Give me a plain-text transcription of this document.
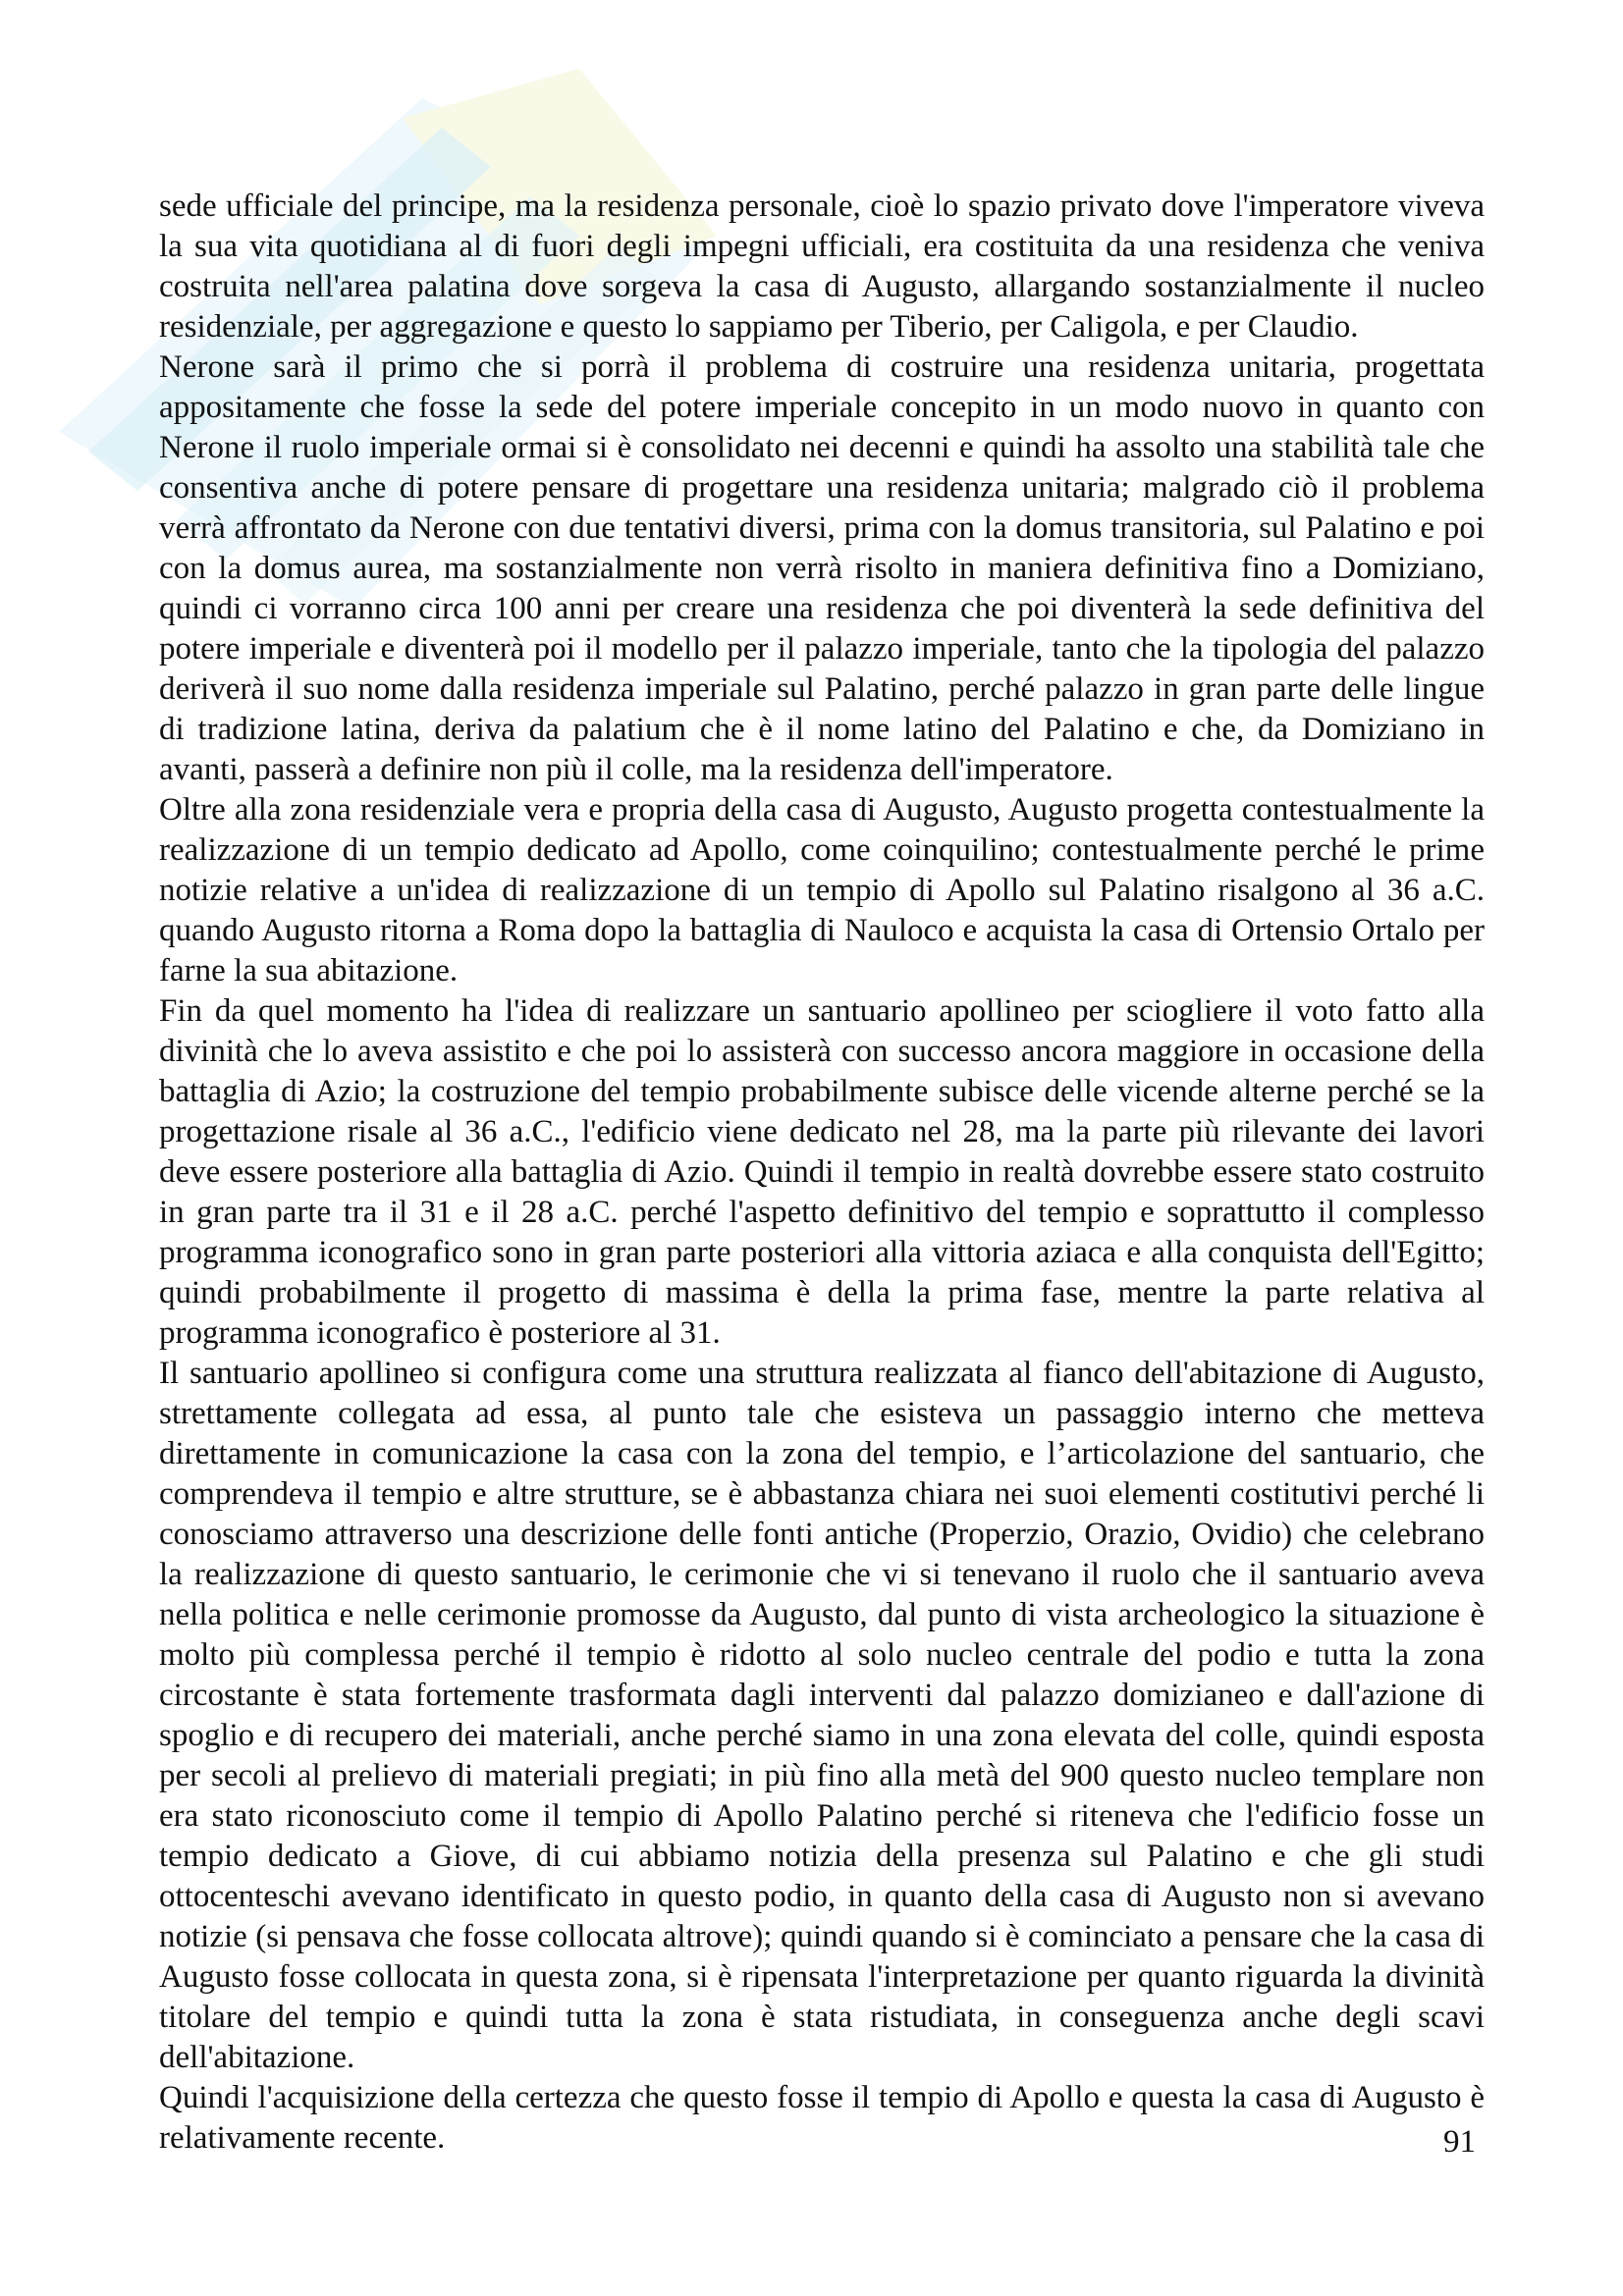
sede ufficiale del principe, ma la residenza personale, cioè lo spazio privato dove l'imperatore viveva la sua vita quotidiana al di fuori degli impegni ufficiali, era costituita da una residenza che veniva costruita nell'area palatina dove sorgeva la casa di Augusto, allargando sostanzialmente il nucleo residenziale, per aggregazione e questo lo sappiamo per Tiberio, per Caligola, e per Claudio.

Nerone sarà il primo che si porrà il problema di costruire una residenza unitaria, progettata appositamente che fosse la sede del potere imperiale concepito in un modo nuovo in quanto con Nerone il ruolo imperiale ormai si è consolidato nei decenni e quindi ha assolto una stabilità tale che consentiva anche di potere pensare di progettare una residenza unitaria; malgrado ciò il problema verrà affrontato da Nerone con due tentativi diversi, prima con la domus transitoria, sul Palatino e poi con la domus aurea, ma sostanzialmente non verrà risolto in maniera definitiva fino a Domiziano, quindi ci vorranno circa 100 anni per creare una residenza che poi diventerà la sede definitiva del potere imperiale e diventerà poi il modello per il palazzo imperiale, tanto che la tipologia del palazzo deriverà il suo nome dalla residenza imperiale sul Palatino, perché palazzo in gran parte delle lingue di tradizione latina, deriva da palatium che è il nome latino del Palatino e che, da Domiziano in avanti, passerà a definire non più il colle, ma la residenza dell'imperatore.

Oltre alla zona residenziale vera e propria della casa di Augusto, Augusto progetta contestualmente la realizzazione di un tempio dedicato ad Apollo, come coinquilino; contestualmente perché le prime notizie relative a un'idea di realizzazione di un tempio di Apollo sul Palatino risalgono al 36 a.C. quando Augusto ritorna a Roma dopo la battaglia di Nauloco e acquista la casa di Ortensio Ortalo per farne la sua abitazione.

Fin da quel momento ha l'idea di realizzare un santuario apollineo per sciogliere il voto fatto alla divinità che lo aveva assistito e che poi lo assisterà con successo ancora maggiore in occasione della battaglia di Azio; la costruzione del tempio probabilmente subisce delle vicende alterne perché se la progettazione risale al 36 a.C., l'edificio viene dedicato nel 28, ma la parte più rilevante dei lavori deve essere posteriore alla battaglia di Azio. Quindi il tempio in realtà dovrebbe essere stato costruito in gran parte tra il 31 e il 28 a.C. perché l'aspetto definitivo del tempio e soprattutto il complesso programma iconografico sono in gran parte posteriori alla vittoria aziaca e alla conquista dell'Egitto; quindi probabilmente il progetto di massima è della la prima fase, mentre la parte relativa al programma iconografico è posteriore al 31.

Il santuario apollineo si configura come una struttura realizzata al fianco dell'abitazione di Augusto, strettamente collegata ad essa, al punto tale che esisteva un passaggio interno che metteva direttamente in comunicazione la casa con la zona del tempio, e l’articolazione del santuario, che comprendeva il tempio e altre strutture, se è abbastanza chiara nei suoi elementi costitutivi perché li conosciamo attraverso una descrizione delle fonti antiche (Properzio, Orazio, Ovidio) che celebrano la realizzazione di questo santuario, le cerimonie che vi si tenevano il ruolo che il santuario aveva nella politica e nelle cerimonie promosse da Augusto, dal punto di vista archeologico la situazione è molto più complessa perché il tempio è ridotto al solo nucleo centrale del podio e tutta la zona circostante è stata fortemente trasformata dagli interventi dal palazzo domizianeo e dall'azione di spoglio e di recupero dei materiali, anche perché siamo in una zona elevata del colle, quindi esposta per secoli al prelievo di materiali pregiati; in più fino alla metà del 900 questo nucleo templare non era stato riconosciuto come il tempio di Apollo Palatino perché si riteneva che l'edificio fosse un tempio dedicato a Giove, di cui abbiamo notizia della presenza sul Palatino e che gli studi ottocenteschi avevano identificato in questo podio, in quanto della casa di Augusto non si avevano notizie (si pensava che fosse collocata altrove); quindi quando si è cominciato a pensare che la casa di Augusto fosse collocata in questa zona, si è ripensata l'interpretazione per quanto riguarda la divinità titolare del tempio e quindi tutta la zona è stata ristudiata, in conseguenza anche degli scavi dell'abitazione.

Quindi l'acquisizione della certezza che questo fosse il tempio di Apollo e questa la casa di Augusto è relativamente recente.	91
